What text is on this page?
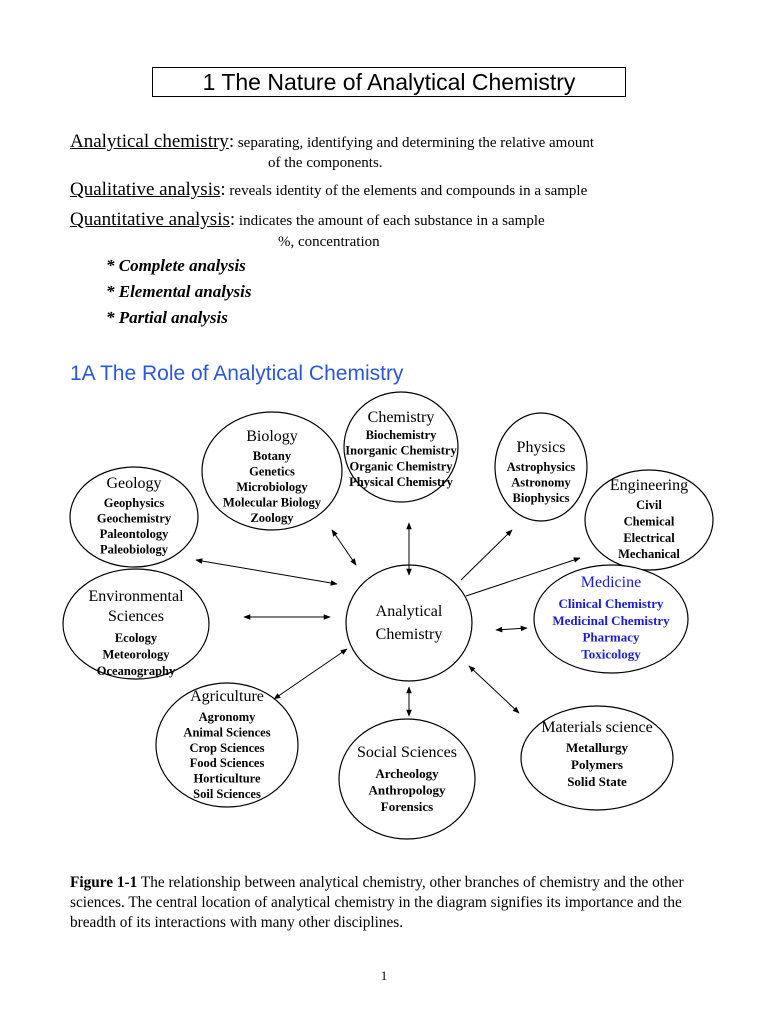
1 The Nature of Analytical Chemistry
Analytical chemistry: separating, identifying and determining the relative amount
of the components.
Qualitative analysis: reveals identity of the elements and compounds in a sample
Quantitative analysis: indicates the amount of each substance in a sample
%, concentration
* Complete analysis
* Elemental analysis
* Partial analysis
1A The Role of Analytical Chemistry
Analytical
Chemistry
Chemistry
Biochemistry
Inorganic Chemistry
Organic Chemistry
Physical Chemistry
Biology
Botany
Genetics
Microbiology
Molecular Biology
Zoology
Physics
Astrophysics
Astronomy
Biophysics
Geology
Geophysics
Geochemistry
Paleontology
Paleobiology
Engineering
Civil
Chemical
Electrical
Mechanical
Environmental
Sciences
Ecology
Meteorology
Oceanography
Medicine
Clinical Chemistry
Medicinal Chemistry
Pharmacy
Toxicology
Agriculture
Agronomy
Animal Sciences
Crop Sciences
Food Sciences
Horticulture
Soil Sciences
Social Sciences
Archeology
Anthropology
Forensics
Materials science
Metallurgy
Polymers
Solid State
Figure 1-1 The relationship between analytical chemistry, other branches of chemistry and the other sciences. The central location of analytical chemistry in the diagram signifies its importance and the breadth of its interactions with many other disciplines.
1
